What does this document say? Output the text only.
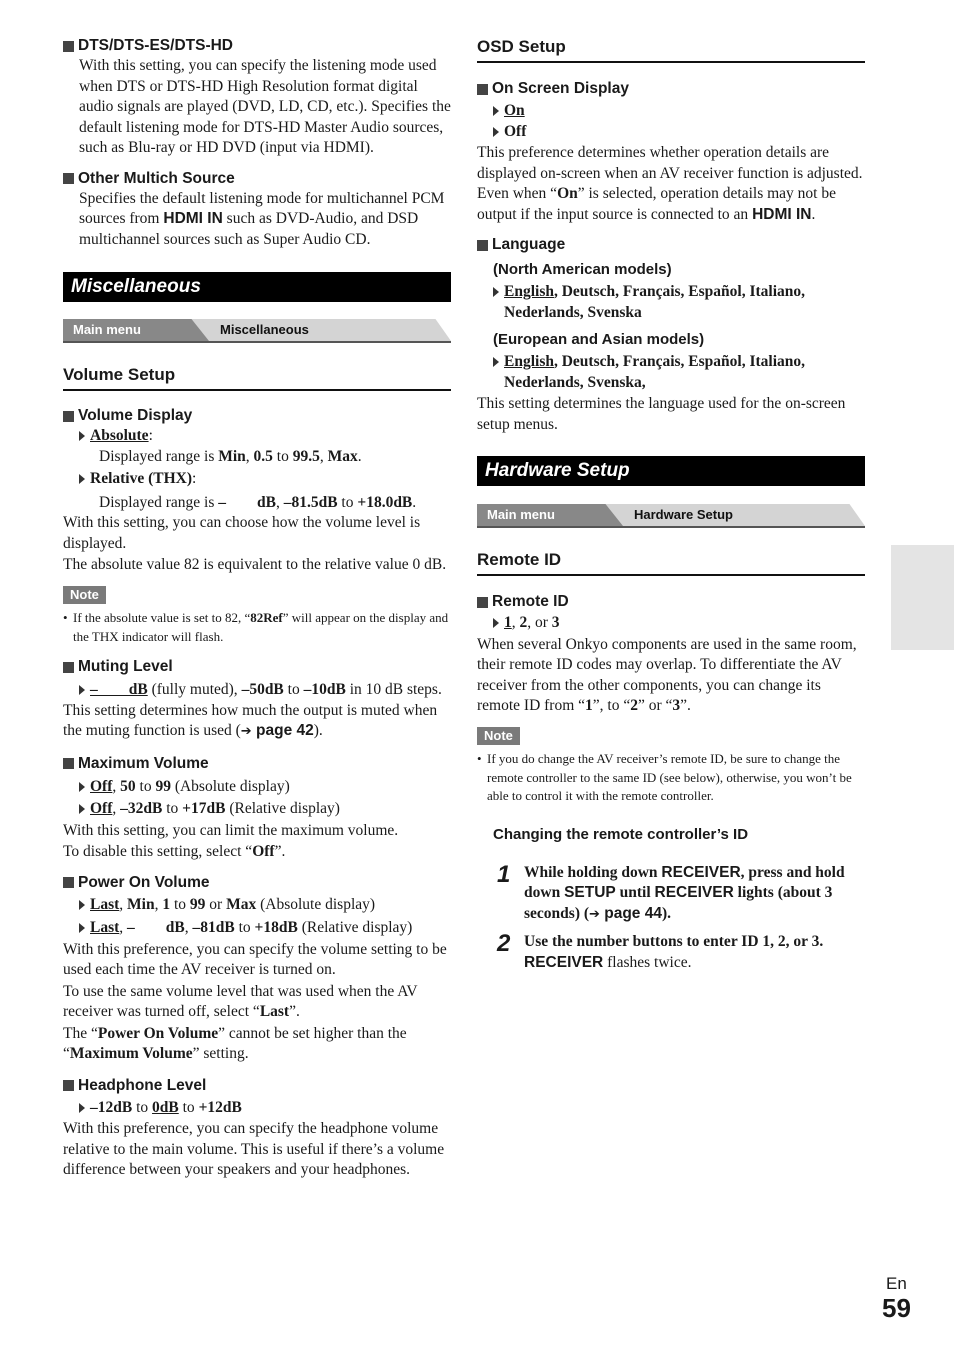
DTS/DTS-ES/DTS-HD

With this setting, you can specify the listening mode used when DTS or DTS-HD High Resolution format digital audio signals are played (DVD, LD, CD, etc.). Specifies the default listening mode for DTS-HD Master Audio sources, such as Blu-ray or HD DVD (input via HDMI).

Other Multich Source

Specifies the default listening mode for multichannel PCM sources from HDMI IN such as DVD-Audio, and DSD multichannel sources such as Super Audio CD.

Miscellaneous
Main menu	Miscellaneous
Volume Setup
Volume Display
Absolute:

Displayed range is Min, 0.5 to 99.5, Max.

Relative (THX):

Displayed range is –  dB, –81.5dB to +18.0dB.

With this setting, you can choose how the volume level is displayed.

The absolute value 82 is equivalent to the relative value 0 dB.

Note
• If the absolute value is set to 82, “82Ref” will appear on the display and the THX indicator will flash.
Muting Level
–  dB (fully muted), –50dB to –10dB in 10 dB steps.

This setting determines how much the output is muted when the muting function is used (➔ page 42).

Maximum Volume
Off, 50 to 99 (Absolute display)
Off, –32dB to +17dB (Relative display)

With this setting, you can limit the maximum volume.

To disable this setting, select “Off”.

Power On Volume
Last, Min, 1 to 99 or Max (Absolute display)
Last, –  dB, –81dB to +18dB (Relative display)

With this preference, you can specify the volume setting to be used each time the AV receiver is turned on.

To use the same volume level that was used when the AV receiver was turned off, select “Last”.

The “Power On Volume” cannot be set higher than the “Maximum Volume” setting.

Headphone Level
–12dB to 0dB to +12dB

With this preference, you can specify the headphone volume relative to the main volume. This is useful if there’s a volume difference between your speakers and your headphones.

OSD Setup
On Screen Display
On
Off

This preference determines whether operation details are displayed on-screen when an AV receiver function is adjusted.

Even when “On” is selected, operation details may not be output if the input source is connected to an HDMI IN.

Language
(North American models)
English, Deutsch, Français, Español, Italiano, Nederlands, Svenska
(European and Asian models)
English, Deutsch, Français, Español, Italiano, Nederlands, Svenska,

This setting determines the language used for the on-screen setup menus.

Hardware Setup
Main menu	Hardware Setup
Remote ID
Remote ID
1, 2, or 3

When several Onkyo components are used in the same room, their remote ID codes may overlap. To differentiate the AV receiver from the other components, you can change its remote ID from “1”, to “2” or “3”.

Note
• If you do change the AV receiver’s remote ID, be sure to change the remote controller to the same ID (see below), otherwise, you won’t be able to control it with the remote controller.
Changing the remote controller’s ID
1 While holding down RECEIVER, press and hold down SETUP until RECEIVER lights (about 3 seconds) (➔ page 44).
2 Use the number buttons to enter ID 1, 2, or 3.
RECEIVER flashes twice.
En
59
